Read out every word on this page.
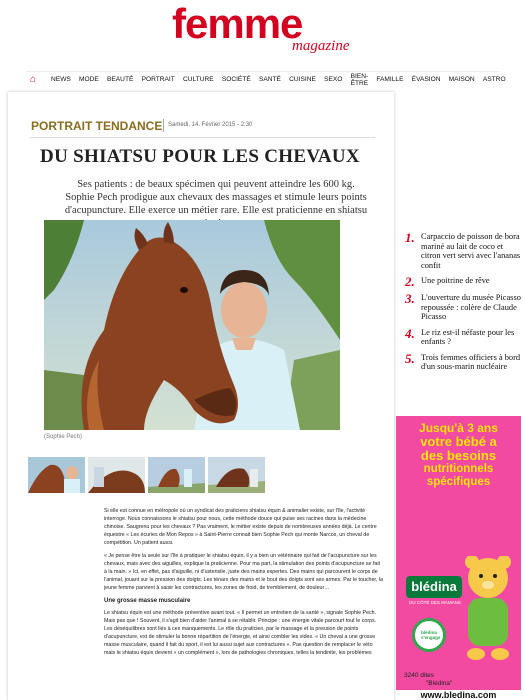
femme
magazine
⌂ NEWS MODE BEAUTÉ PORTRAIT CULTURE SOCIÉTÉ SANTÉ CUISINE SEXO BIEN-ÊTRE FAMILLE ÉVASION MAISON ASTRO
PORTRAIT TENDANCE Samedi, 14. Février 2015 - 2:30
DU SHIATSU POUR LES CHEVAUX
Ses patients : de beaux spécimen qui peuvent atteindre les 600 kg. Sophie Pech prodigue aux chevaux des massages et stimule leurs points d'acupuncture. Elle exerce un métier rare. Elle est praticienne en shiatsu
(Sophie Pech)

Si elle est connue en métropole où un syndicat des praticiens shiatsu équin & animalier existe, sur l'île, l'activité interroge. Nous connaissons le shiatsu pour nous, cette méthode douce qui puise ses racines dans la médecine chinoise. Saugrenu pour les chevaux ? Pas vraiment, le métier existe depuis de nombreuses années déjà. Le centre équestre « Les écuries de Mon Repos » à Saint-Pierre connait bien Sophie Pech qui monte Narcos, un cheval de compétition. Un patient aussi.

« Je pense être la seule sur l'île à pratiquer le shiatsu équin, il y a bien un vétérinaire qui fait de l'acupuncture sur les chevaux, mais avec des aiguilles, explique la praticienne. Pour ma part, la stimulation des points d'acupuncture se fait à la main. » Ici, en effet, pas d'aiguille, ni d'ustensile, juste des mains expertes. Des mains qui parcourent le corps de l'animal, jouant sur la pression des doigts. Les ténars des mains et le bout des doigts sont ses armes. Par le toucher, la jeune femme parvient à saisir les contractures, les zones de froid, de tremblement, de douleur…

Une grosse masse musculaire

Le shiatsu équin est une méthode préventive avant tout. « Il permet un entretien de la santé », signale Sophie Pech. Mais pas que ! Souvent, il s'agit bien d'aider l'animal à se rétablir. Principe : une énergie vitale parcourt tout le corps. Les déséquilibres sont liés à ces manquements. Le rôle du praticien, par le massage et la pression de points d'acupuncture, est de stimuler la bonne répartition de l'énergie, et ainsi combler les vides. « Un cheval a une grosse masse musculaire, quand il fait du sport, il est lui aussi sujet aux contractures ». Pas question de remplacer le véto mais le shiatsu équin devient « un complément », lors de pathologies chroniques, telles la tendinite, les problèmes

1. Carpaccio de poisson de bora mariné au lait de coco et citron vert servi avec l'ananas confit
2. Une poitrine de rêve
3. L'ouverture du musée Picasso repoussée : colère de Claude Picasso
4. Le riz est-il néfaste pour les enfants ?
5. Trois femmes officiers à bord d'un sous-marin nucléaire
Jusqu'à 3 ans
votre bébé a
des besoins
nutritionnels
spécifiques
blédina
DU CÔTÉ DES MAMANS
blédina s'engage
3240 dites
"Blédina"
www.bledina.com
